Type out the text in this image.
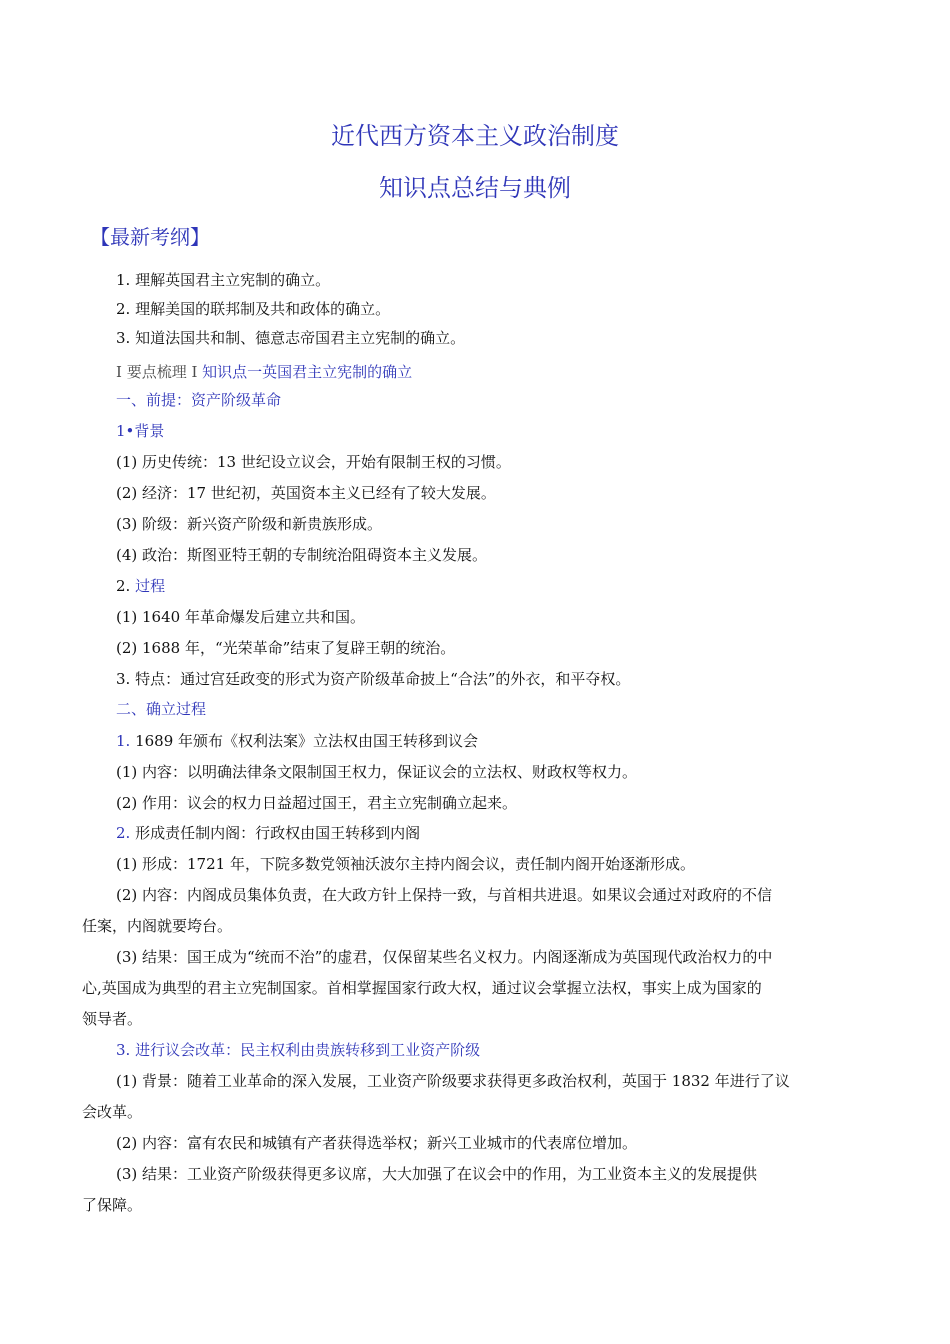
近代西方资本主义政治制度
知识点总结与典例
【最新考纲】

1. 理解英国君主立宪制的确立。

2. 理解美国的联邦制及共和政体的确立。

3. 知道法国共和制、德意志帝国君主立宪制的确立。

I 要点梳理 I 知识点一英国君主立宪制的确立

一、前提：资产阶级革命

1•背景

(1) 历史传统：13 世纪设立议会，开始有限制王权的习惯。

(2) 经济：17 世纪初，英国资本主义已经有了较大发展。

(3) 阶级：新兴资产阶级和新贵族形成。

(4) 政治：斯图亚特王朝的专制统治阻碍资本主义发展。

2. 过程

(1) 1640 年革命爆发后建立共和国。

(2) 1688 年，“光荣革命”结束了复辟王朝的统治。

3. 特点：通过宫廷政变的形式为资产阶级革命披上“合法”的外衣，和平夺权。

二、确立过程

1. 1689 年颁布《权利法案》立法权由国王转移到议会

(1) 内容：以明确法律条文限制国王权力，保证议会的立法权、财政权等权力。

(2) 作用：议会的权力日益超过国王，君主立宪制确立起来。

2. 形成责任制内阁：行政权由国王转移到内阁

(1) 形成：1721 年，下院多数党领袖沃波尔主持内阁会议，责任制内阁开始逐渐形成。

(2) 内容：内阁成员集体负责，在大政方针上保持一致，与首相共进退。如果议会通过对政府的不信
任案，内阁就要垮台。

(3) 结果：国王成为“统而不治”的虚君，仅保留某些名义权力。内阁逐渐成为英国现代政治权力的中
心,英国成为典型的君主立宪制国家。首相掌握国家行政大权，通过议会掌握立法权，事实上成为国家的
领导者。

3. 进行议会改革：民主权利由贵族转移到工业资产阶级

(1) 背景：随着工业革命的深入发展，工业资产阶级要求获得更多政治权利，英国于 1832 年进行了议
会改革。

(2) 内容：富有农民和城镇有产者获得选举权；新兴工业城市的代表席位增加。

(3) 结果：工业资产阶级获得更多议席，大大加强了在议会中的作用，为工业资本主义的发展提供
了保障。
